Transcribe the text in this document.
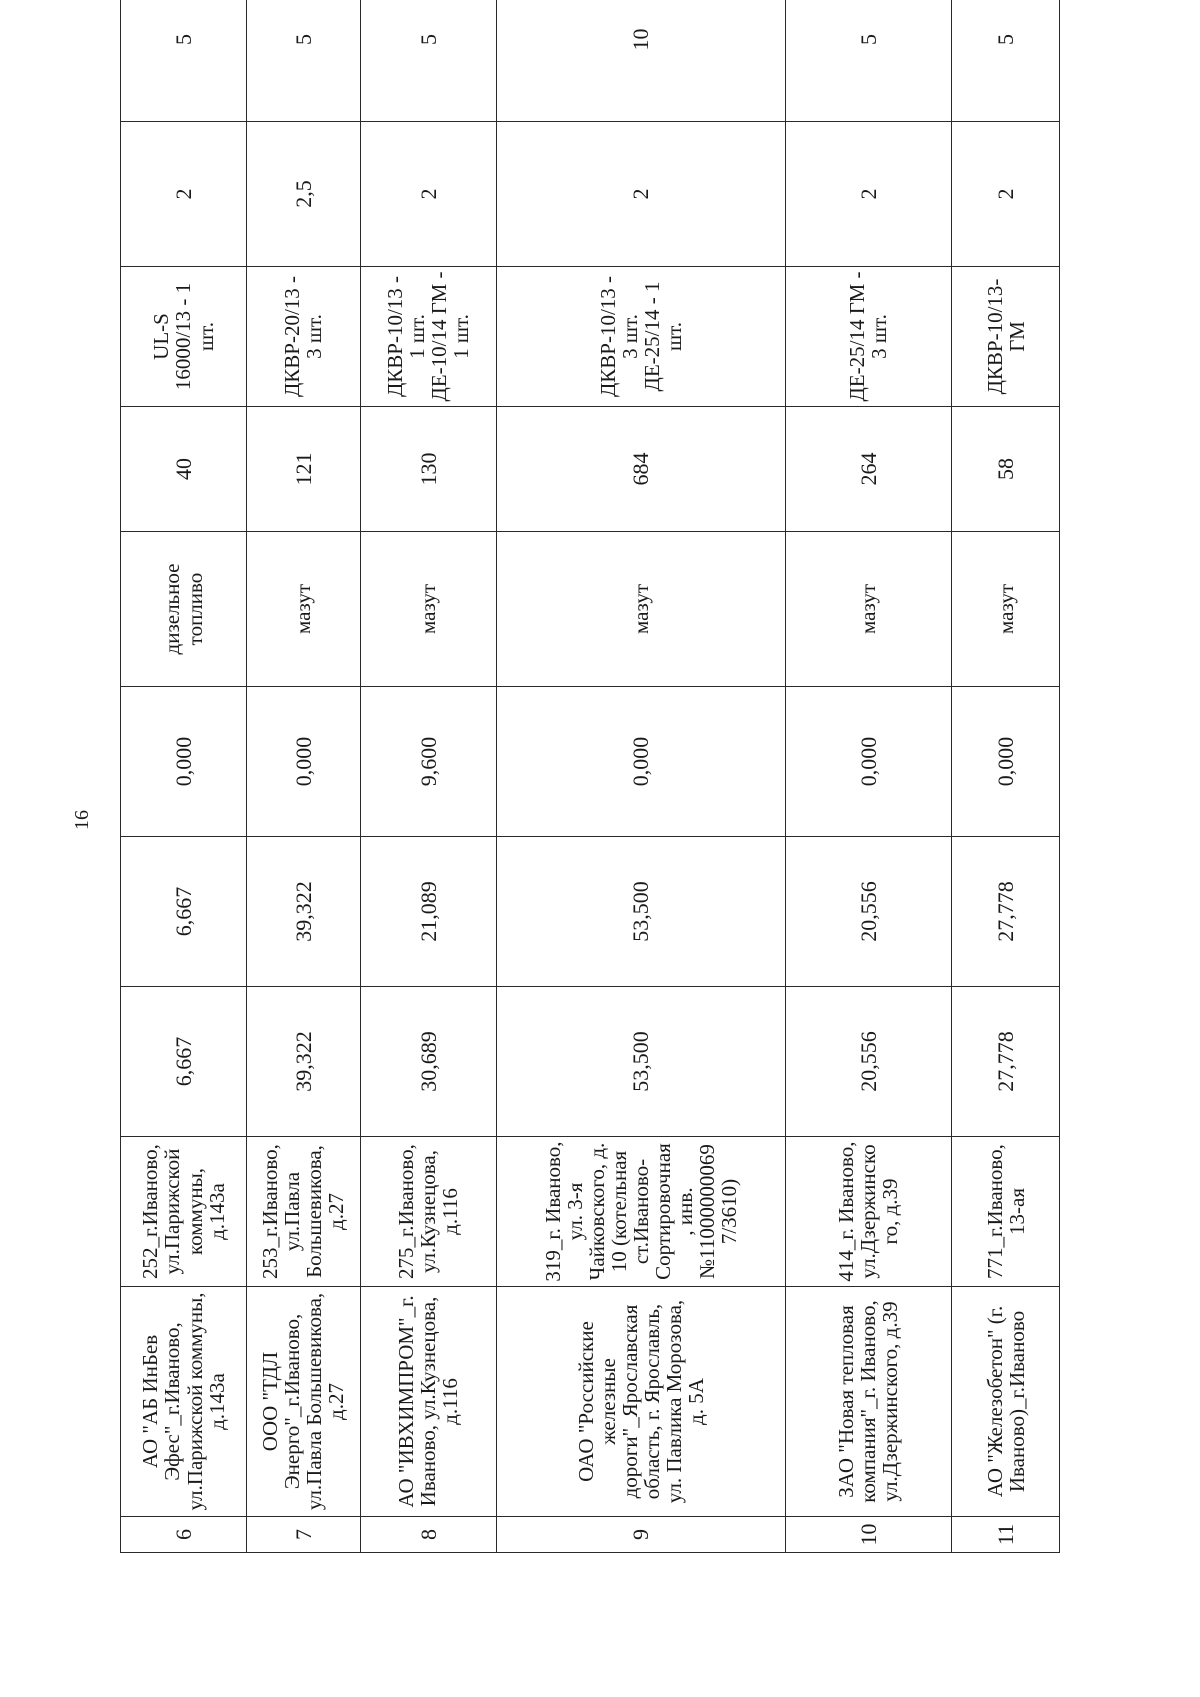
16
6	АО "АБ ИнБев Эфес"_г.Иваново, ул.Парижской коммуны, д.143а	252_г.Иваново, ул.Парижской коммуны, д.143а	6,667	6,667	0,000	дизельное топливо	40	UL-S 16000/13 - 1 шт.	2	5
7	ООО "ТДЛ Энерго"_г.Иваново, ул.Павла Большевикова, д.27	253_г.Иваново, ул.Павла Большевикова, д.27	39,322	39,322	0,000	мазут	121	ДКВР-20/13 - 3 шт.	2,5	5
8	АО "ИВХИМПРОМ"_г. Иваново, ул.Кузнецова, д.116	275_г.Иваново, ул.Кузнецова, д.116	30,689	21,089	9,600	мазут	130	ДКВР-10/13 - 1 шт. ДЕ-10/14 ГМ - 1 шт.	2	5
9	ОАО "Российские железные дороги"_Ярославская область, г. Ярославль, ул. Павлика Морозова, д. 5А	319_г. Иваново, ул. 3-я Чайковского, д. 10 (котельная ст.Иваново-Сортировочная, инв. №110000000697/3610)	53,500	53,500	0,000	мазут	684	ДКВР-10/13 - 3 шт. ДЕ-25/14 - 1 шт.	2	10
10	ЗАО "Новая тепловая компания"_г. Иваново, ул.Дзержинского, д.39	414_г. Иваново, ул.Дзержинского, д.39	20,556	20,556	0,000	мазут	264	ДЕ-25/14 ГМ - 3 шт.	2	5
11	АО "Железобетон" (г. Иваново)_г.Иваново	771_г.Иваново,13-ая	27,778	27,778	0,000	мазут	58	ДКВР-10/13-ГМ	2	5
